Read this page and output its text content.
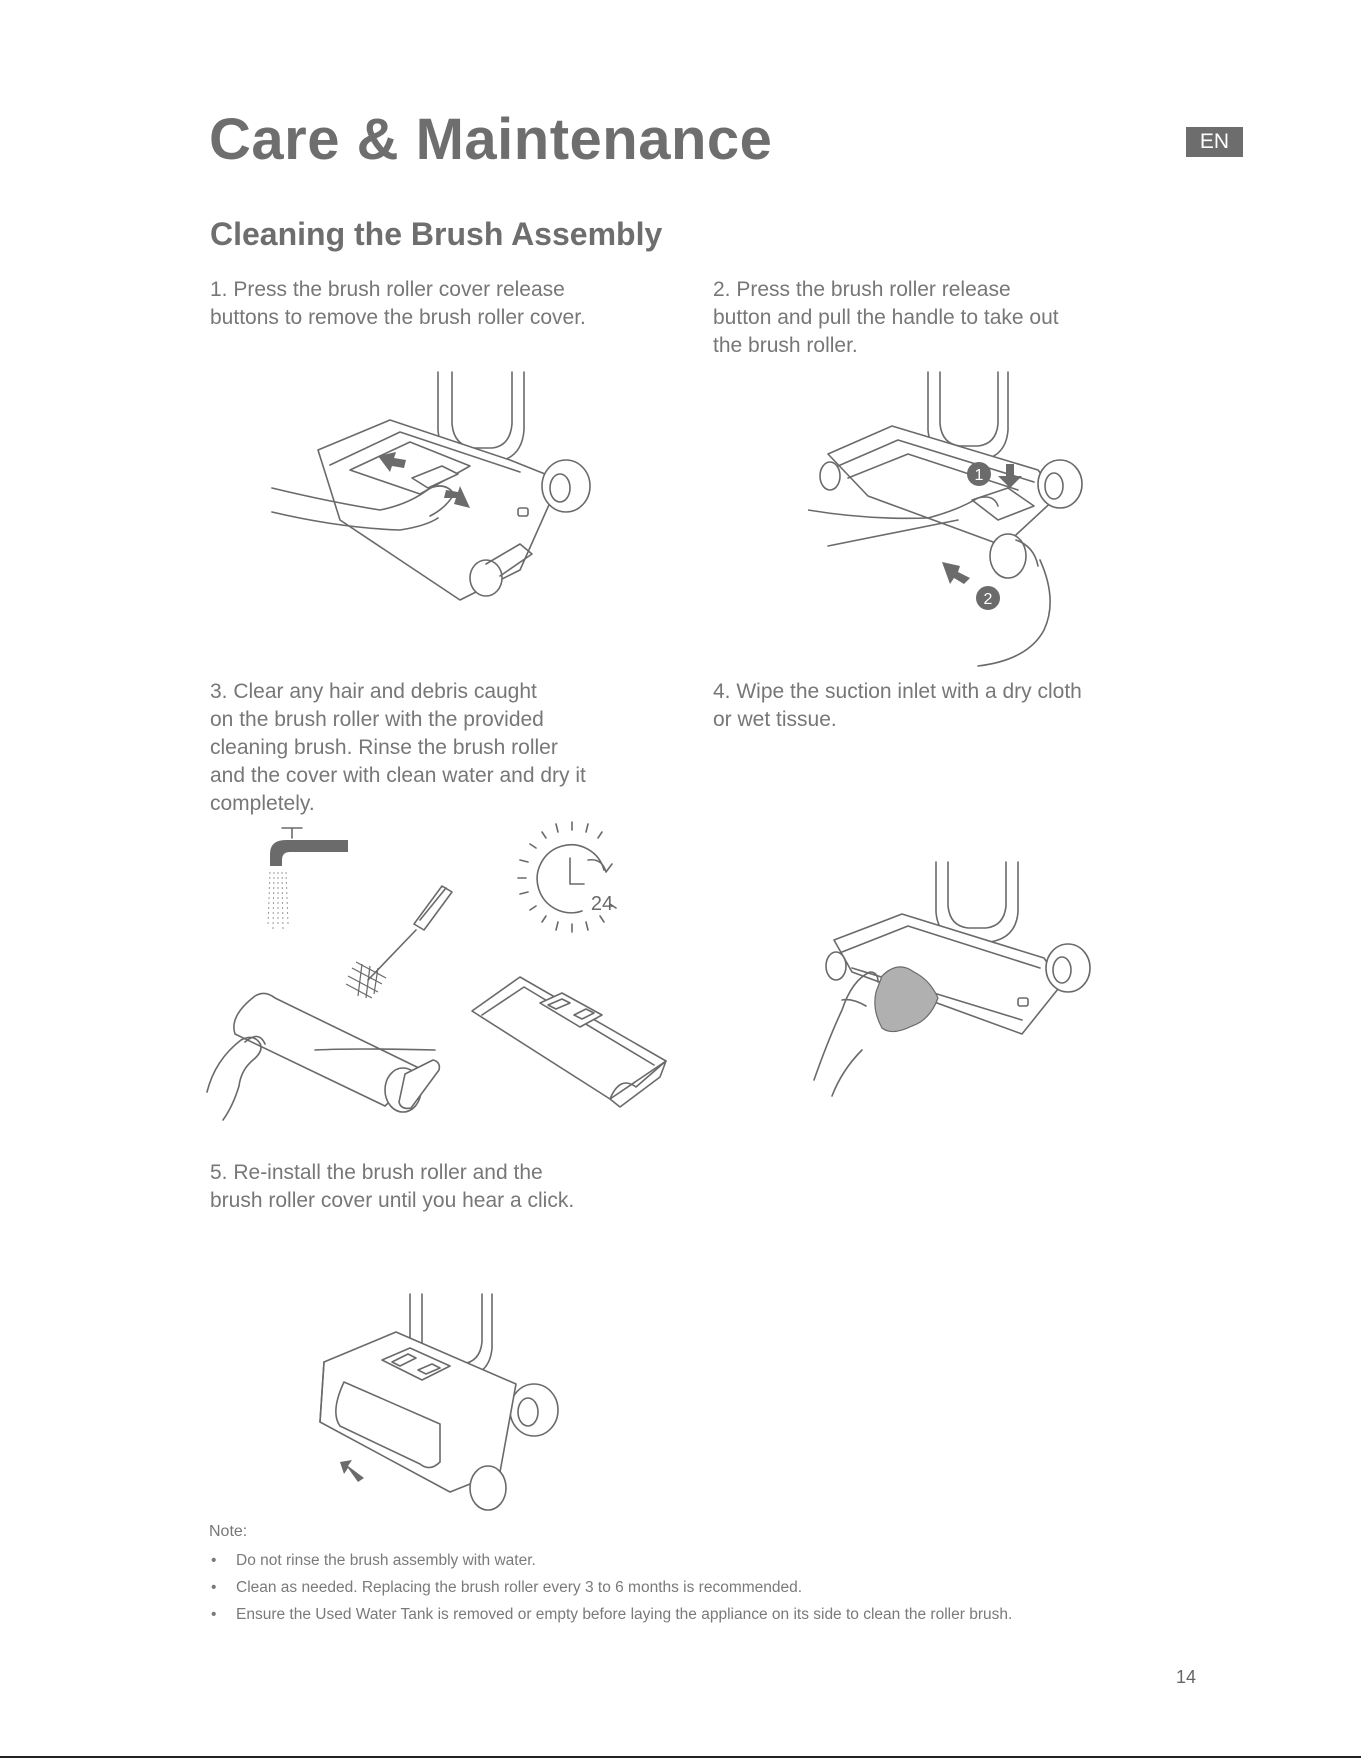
Care & Maintenance	EN
Cleaning the Brush Assembly
1. Press the brush roller cover release
buttons to remove the brush roller cover.
2. Press the brush roller release
button and pull the handle to take out
the brush roller.
3. Clear any hair and debris caught
on the brush roller with the provided
cleaning brush. Rinse the brush roller
and the cover with clean water and dry it
completely.
4. Wipe the suction inlet with a dry cloth
or wet tissue.
5. Re-install the brush roller and the
brush roller cover until you hear a click.
1
2
24
Note:
• Do not rinse the brush assembly with water.
• Clean as needed. Replacing the brush roller every 3 to 6 months is recommended.
• Ensure the Used Water Tank is removed or empty before laying the appliance on its side to clean the roller brush.
14
